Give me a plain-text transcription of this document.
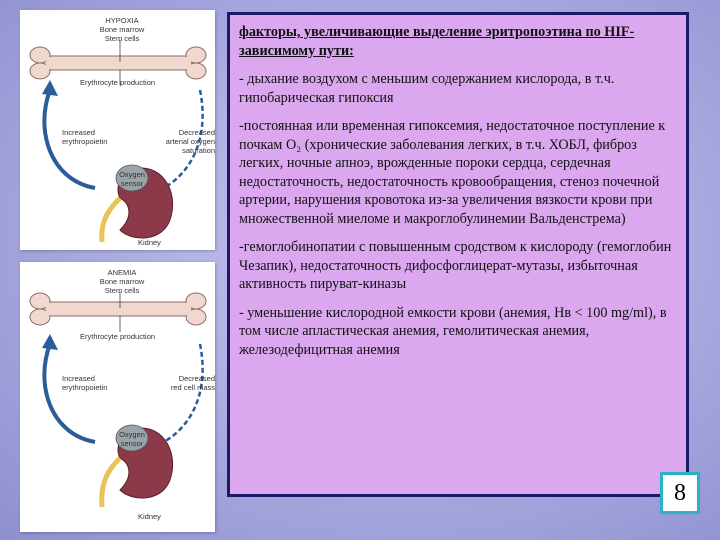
HYPOXIA
Bone marrow
Stem cells
Erythrocyte production
Increased
erythropoietin
Decreased
arterial oxygen
saturation
Oxygen
sensor
Kidney
ANEMIA
Bone marrow
Stem cells
Erythrocyte production
Increased
erythropoietin
Decreased
red cell mass
Oxygen
sensor
Kidney

факторы, увеличивающие выделение эритропоэтина по HIF-зависимому пути:

- дыхание воздухом с меньшим содержанием кислорода, в т.ч. гипобарическая гипоксия

-постоянная или временная гипоксемия, недостаточное поступление к почкам О₂ (хронические заболевания легких, в т.ч. ХОБЛ, фиброз легких, ночные апноэ, врожденные пороки сердца, сердечная недостаточность, недостаточность кровообращения, стеноз почечной артерии, нарушения кровотока из-за увеличения вязкости крови при множественной миеломе и макроглобулинемии Вальденстрема)

-гемоглобинопатии с повышенным сродством к кислороду (гемоглобин Чезапик), недостаточность дифосфоглицерат-мутазы, избыточная активность пируват-киназы

- уменьшение кислородной емкости крови (анемия, Нв < 100 mg/ml), в том числе апластическая анемия, гемолитическая анемия, железодефицитная анемия

8
